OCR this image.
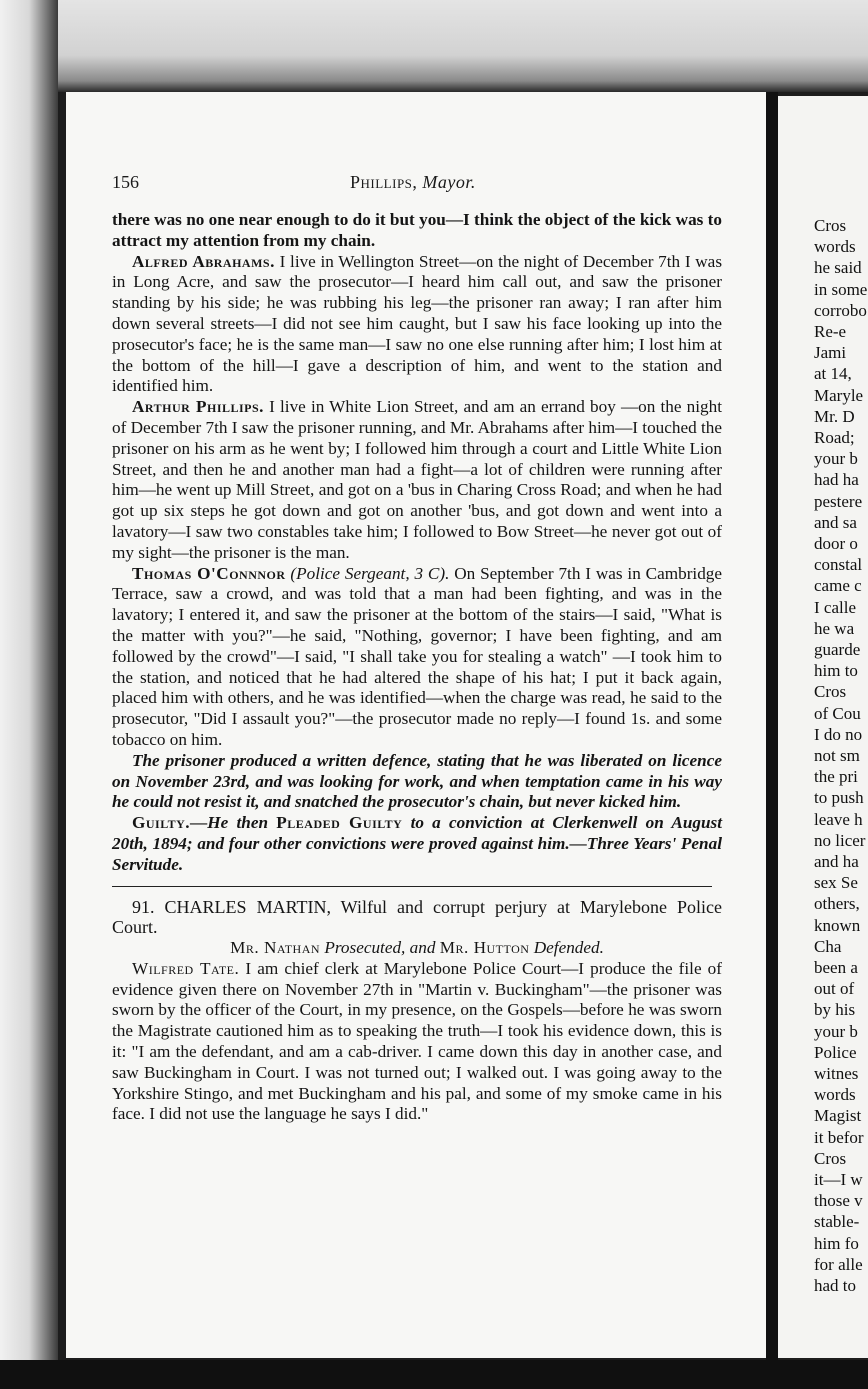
Cros
words
he said
in some
corrobo
Re-e
Jami
at 14,
Maryle
Mr. D
Road;
your b
had ha
pestere
and sa
door o
constal
came c
I calle
he wa
guarde
him to
Cros
of Cou
I do no
not sm
the pri
to push
leave h
no licer
and ha
sex Se
others,
known
Cha
been a
out of
by his
your b
Police
witnes
words
Magist
it befor
Cros
it—I w
those v
stable-
him fo
for alle
had to
156	Phillips, Mayor.

there was no one near enough to do it but you—I think the object of the kick was to attract my attention from my chain.

Alfred Abrahams. I live in Wellington Street—on the night of December 7th I was in Long Acre, and saw the prosecutor—I heard him call out, and saw the prisoner standing by his side; he was rubbing his leg—the prisoner ran away; I ran after him down several streets—I did not see him caught, but I saw his face looking up into the prosecutor's face; he is the same man—I saw no one else running after him; I lost him at the bottom of the hill—I gave a description of him, and went to the station and identified him.

Arthur Phillips. I live in White Lion Street, and am an errand boy —on the night of December 7th I saw the prisoner running, and Mr. Abrahams after him—I touched the prisoner on his arm as he went by; I followed him through a court and Little White Lion Street, and then he and another man had a fight—a lot of children were running after him—he went up Mill Street, and got on a 'bus in Charing Cross Road; and when he had got up six steps he got down and got on another 'bus, and got down and went into a lavatory—I saw two constables take him; I followed to Bow Street—he never got out of my sight—the prisoner is the man.

Thomas O'Connnor (Police Sergeant, 3 C). On September 7th I was in Cambridge Terrace, saw a crowd, and was told that a man had been fighting, and was in the lavatory; I entered it, and saw the prisoner at the bottom of the stairs—I said, "What is the matter with you?"—he said, "Nothing, governor; I have been fighting, and am followed by the crowd"—I said, "I shall take you for stealing a watch" —I took him to the station, and noticed that he had altered the shape of his hat; I put it back again, placed him with others, and he was identified—when the charge was read, he said to the prosecutor, "Did I assault you?"—the prosecutor made no reply—I found 1s. and some tobacco on him.

The prisoner produced a written defence, stating that he was liberated on licence on November 23rd, and was looking for work, and when temptation came in his way he could not resist it, and snatched the prosecutor's chain, but never kicked him.

Guilty.—He then Pleaded Guilty to a conviction at Clerkenwell on August 20th, 1894; and four other convictions were proved against him.—Three Years' Penal Servitude.

91. CHARLES MARTIN, Wilful and corrupt perjury at Marylebone Police Court.

Mr. Nathan Prosecuted, and Mr. Hutton Defended.

Wilfred Tate. I am chief clerk at Marylebone Police Court—I produce the file of evidence given there on November 27th in "Martin v. Buckingham"—the prisoner was sworn by the officer of the Court, in my presence, on the Gospels—before he was sworn the Magistrate cautioned him as to speaking the truth—I took his evidence down, this is it: "I am the defendant, and am a cab-driver. I came down this day in another case, and saw Buckingham in Court. I was not turned out; I walked out. I was going away to the Yorkshire Stingo, and met Buckingham and his pal, and some of my smoke came in his face. I did not use the language he says I did."
